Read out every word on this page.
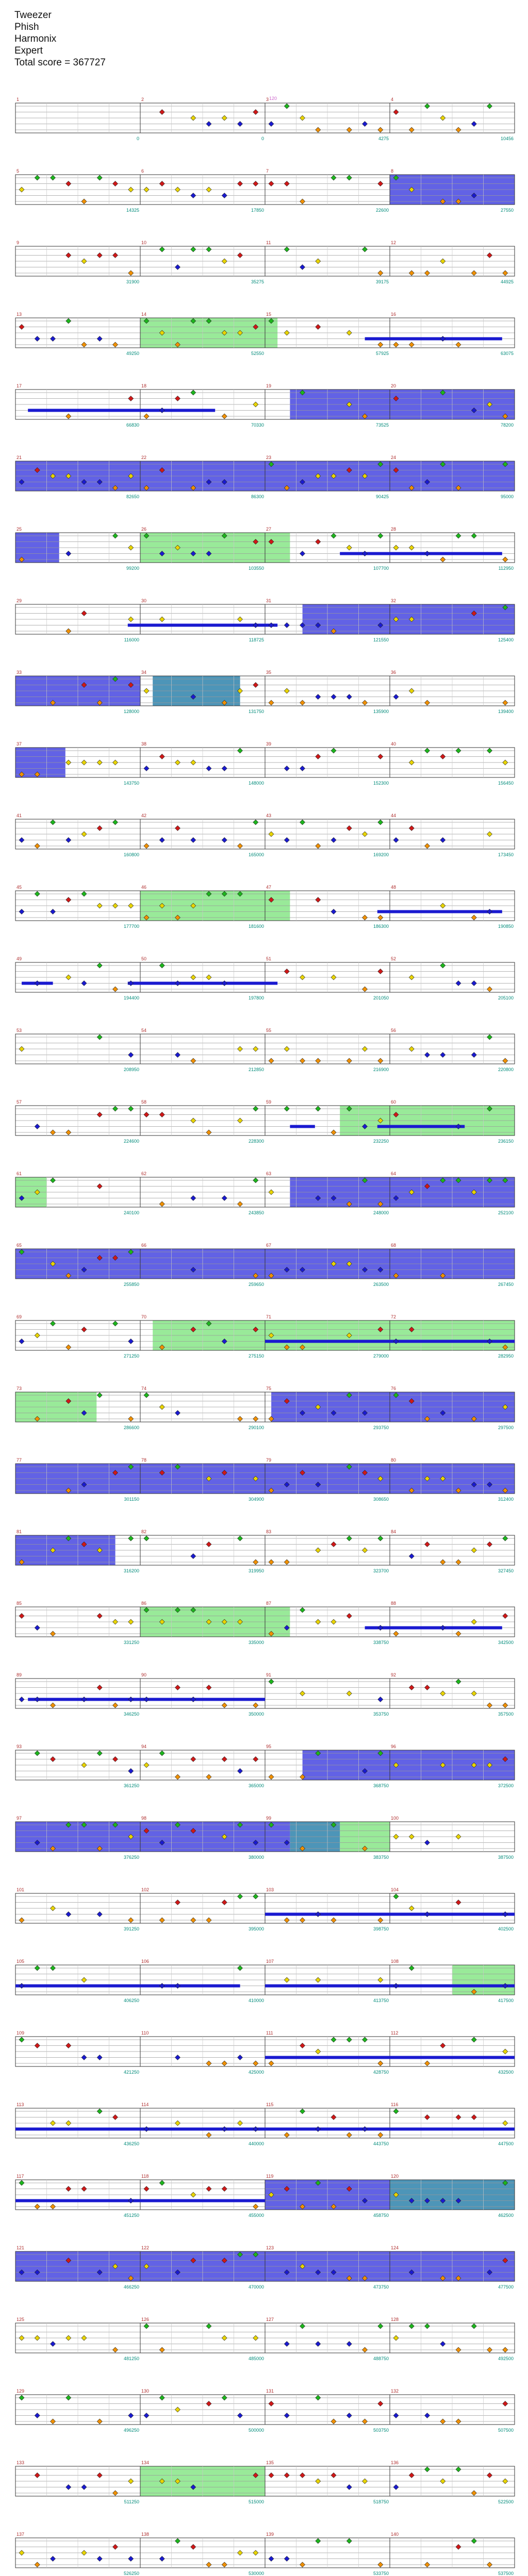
Tweezer
Phish
Harmonix
Expert
Total score = 367727
1
0
2
0
3
4275
4
10456
120
5
14325
6
17850
7
22600
8
27550
9
31900
10
35275
11
39175
12
44925
13
49250
14
52550
15
57925
16
63075
17
66830
18
70330
19
73525
20
78200
21
82650
22
86300
23
90425
24
95000
25
99200
26
103550
27
107700
28
112950
29
116000
30
118725
31
121550
32
125400
33
128000
34
131750
35
135900
36
139400
37
143750
38
148000
39
152300
40
156450
41
160800
42
165000
43
169200
44
173450
45
177700
46
181600
47
186300
48
190850
49
194400
50
197800
51
201050
52
205100
53
208950
54
212850
55
216900
56
220800
57
224600
58
228300
59
232250
60
236150
61
240100
62
243850
63
248000
64
252100
65
255850
66
259650
67
263500
68
267450
69
271250
70
275150
71
279000
72
282950
73
286600
74
290100
75
293750
76
297500
77
301150
78
304900
79
308650
80
312400
81
316200
82
319950
83
323700
84
327450
85
331250
86
335000
87
338750
88
342500
89
346250
90
350000
91
353750
92
357500
93
361250
94
365000
95
368750
96
372500
97
376250
98
380000
99
383750
100
387500
101
391250
102
395000
103
398750
104
402500
105
406250
106
410000
107
413750
108
417500
109
421250
110
425000
111
428750
112
432500
113
436250
114
440000
115
443750
116
447500
117
451250
118
455000
119
458750
120
462500
121
466250
122
470000
123
473750
124
477500
125
481250
126
485000
127
488750
128
492500
129
496250
130
500000
131
503750
132
507500
133
511250
134
515000
135
518750
136
522500
137
526250
138
530000
139
533750
140
537500
